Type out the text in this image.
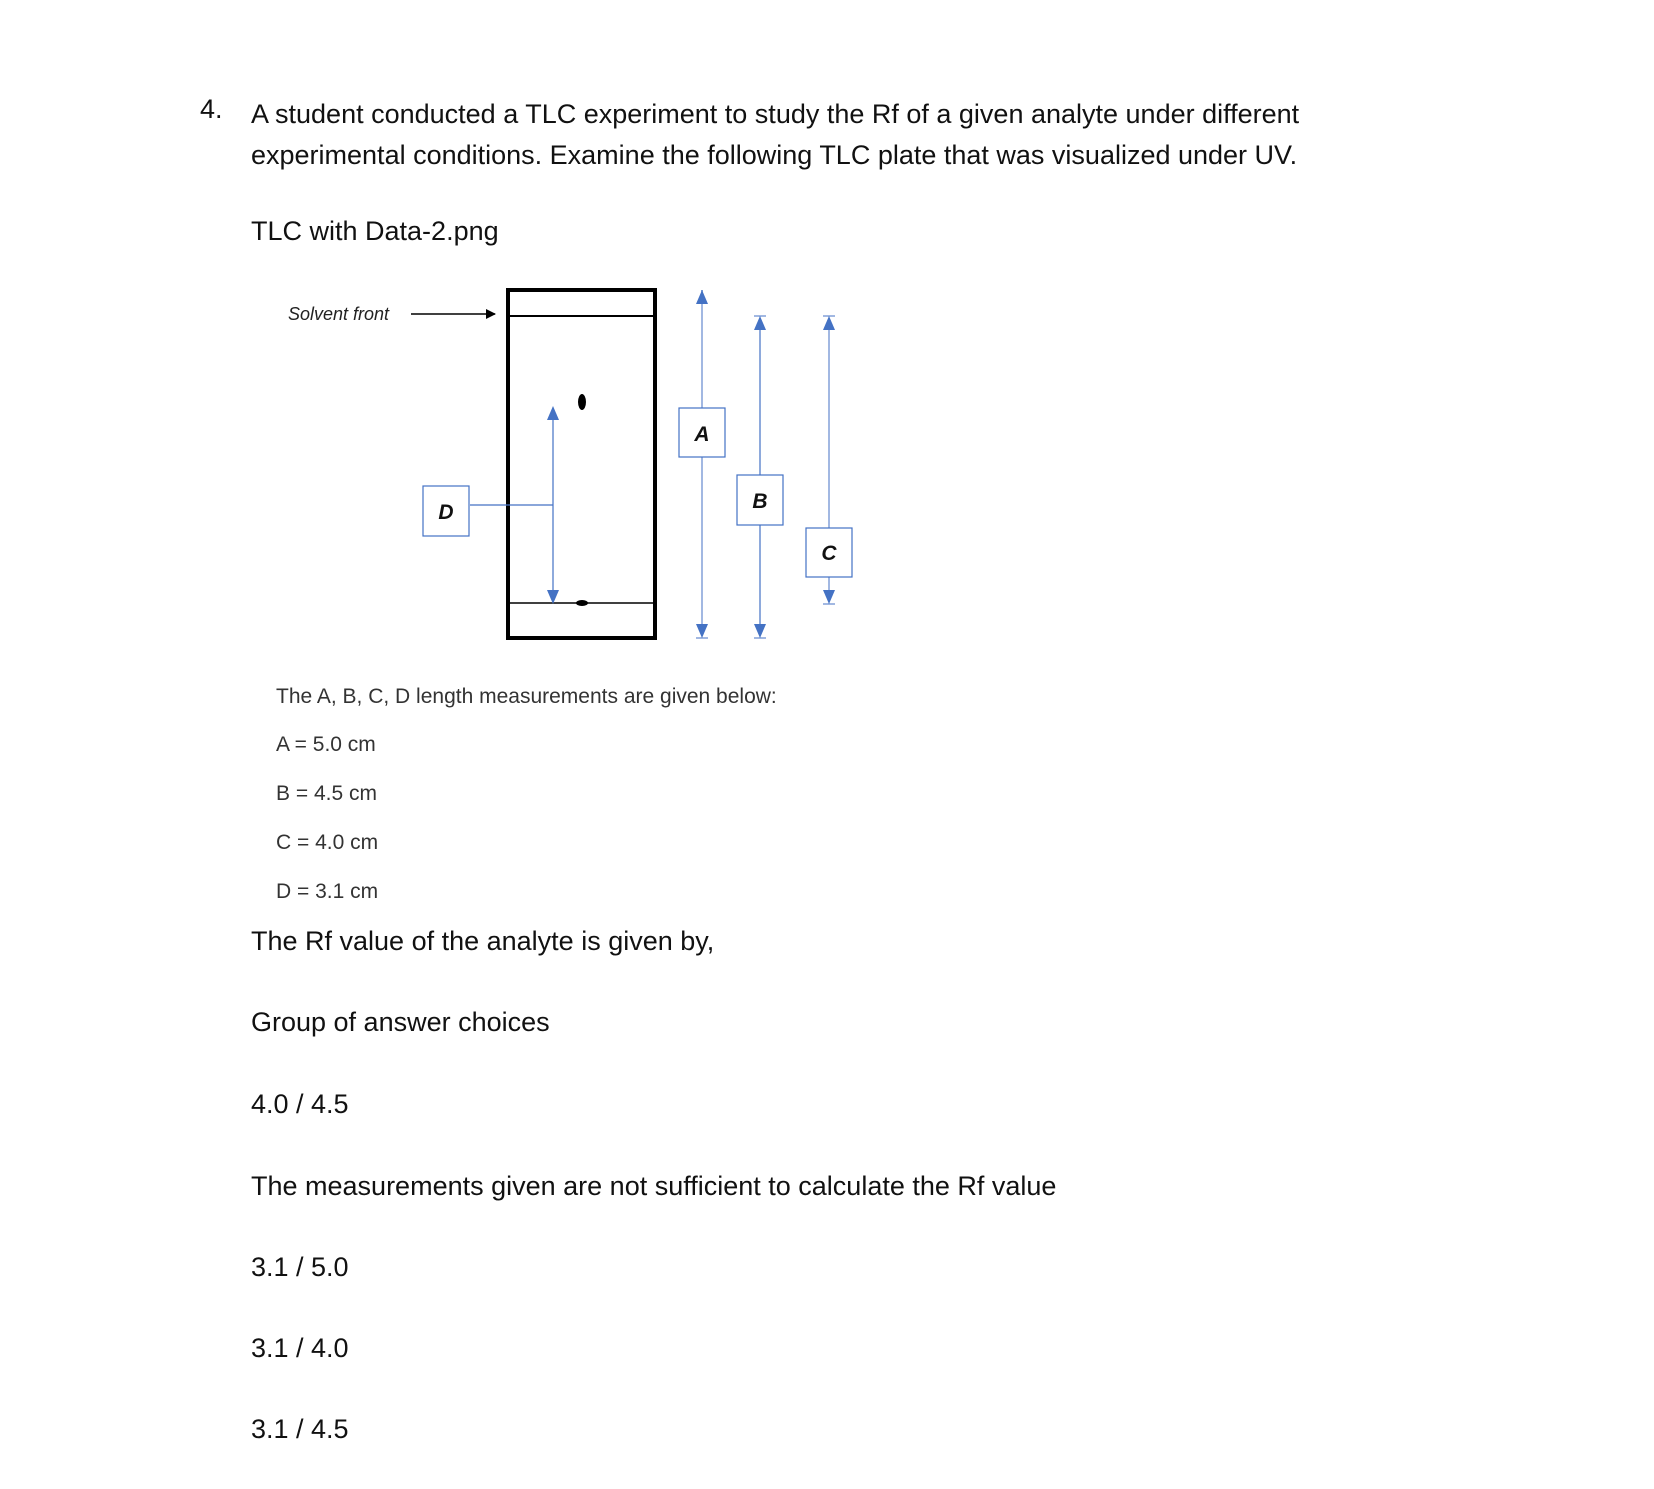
4. A student conducted a TLC experiment to study the Rf of a given analyte under different experimental conditions. Examine the following TLC plate that was visualized under UV.
TLC with Data-2.png
Solvent front
D
A
B
C
The A, B, C, D length measurements are given below:
A = 5.0 cm
B = 4.5 cm
C = 4.0 cm
D = 3.1 cm
The Rf value of the analyte is given by,
Group of answer choices
4.0 / 4.5
The measurements given are not sufficient to calculate the Rf value
3.1 / 5.0
3.1 / 4.0
3.1 / 4.5
